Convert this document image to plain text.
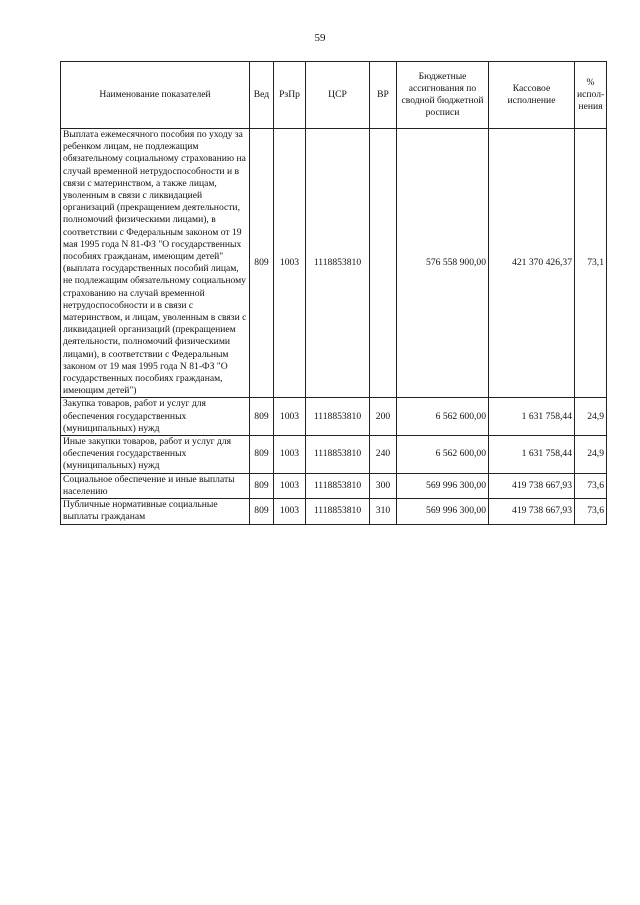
59
Наименование показателей	Вед	РзПр	ЦСР	ВР	Бюджетные ассигнования по сводной бюджетной росписи	Кассовое исполнение	% испол-нения
Выплата ежемесячного пособия по уходу за ребенком лицам, не подлежащим обязательному социальному страхованию на случай временной нетрудоспособности и в связи с материнством, а также лицам, уволенным в связи с ликвидацией организаций (прекращением деятельности, полномочий физическими лицами), в соответствии с Федеральным законом от 19 мая 1995 года N 81-ФЗ "О государственных пособиях гражданам, имеющим детей" (выплата государственных пособий лицам, не подлежащим обязательному социальному страхованию на случай временной нетрудоспособности и в связи с материнством, и лицам, уволенным в связи с ликвидацией организаций (прекращением деятельности, полномочий физическими лицами), в соответствии с Федеральным законом от 19 мая 1995 года N 81-ФЗ "О государственных пособиях гражданам, имеющим детей")	809	1003	1118853810		576 558 900,00	421 370 426,37	73,1
Закупка товаров, работ и услуг для обеспечения государственных (муниципальных) нужд	809	1003	1118853810	200	6 562 600,00	1 631 758,44	24,9
Иные закупки товаров, работ и услуг для обеспечения государственных (муниципальных) нужд	809	1003	1118853810	240	6 562 600,00	1 631 758,44	24,9
Социальное обеспечение и иные выплаты населению	809	1003	1118853810	300	569 996 300,00	419 738 667,93	73,6
Публичные нормативные социальные выплаты гражданам	809	1003	1118853810	310	569 996 300,00	419 738 667,93	73,6
